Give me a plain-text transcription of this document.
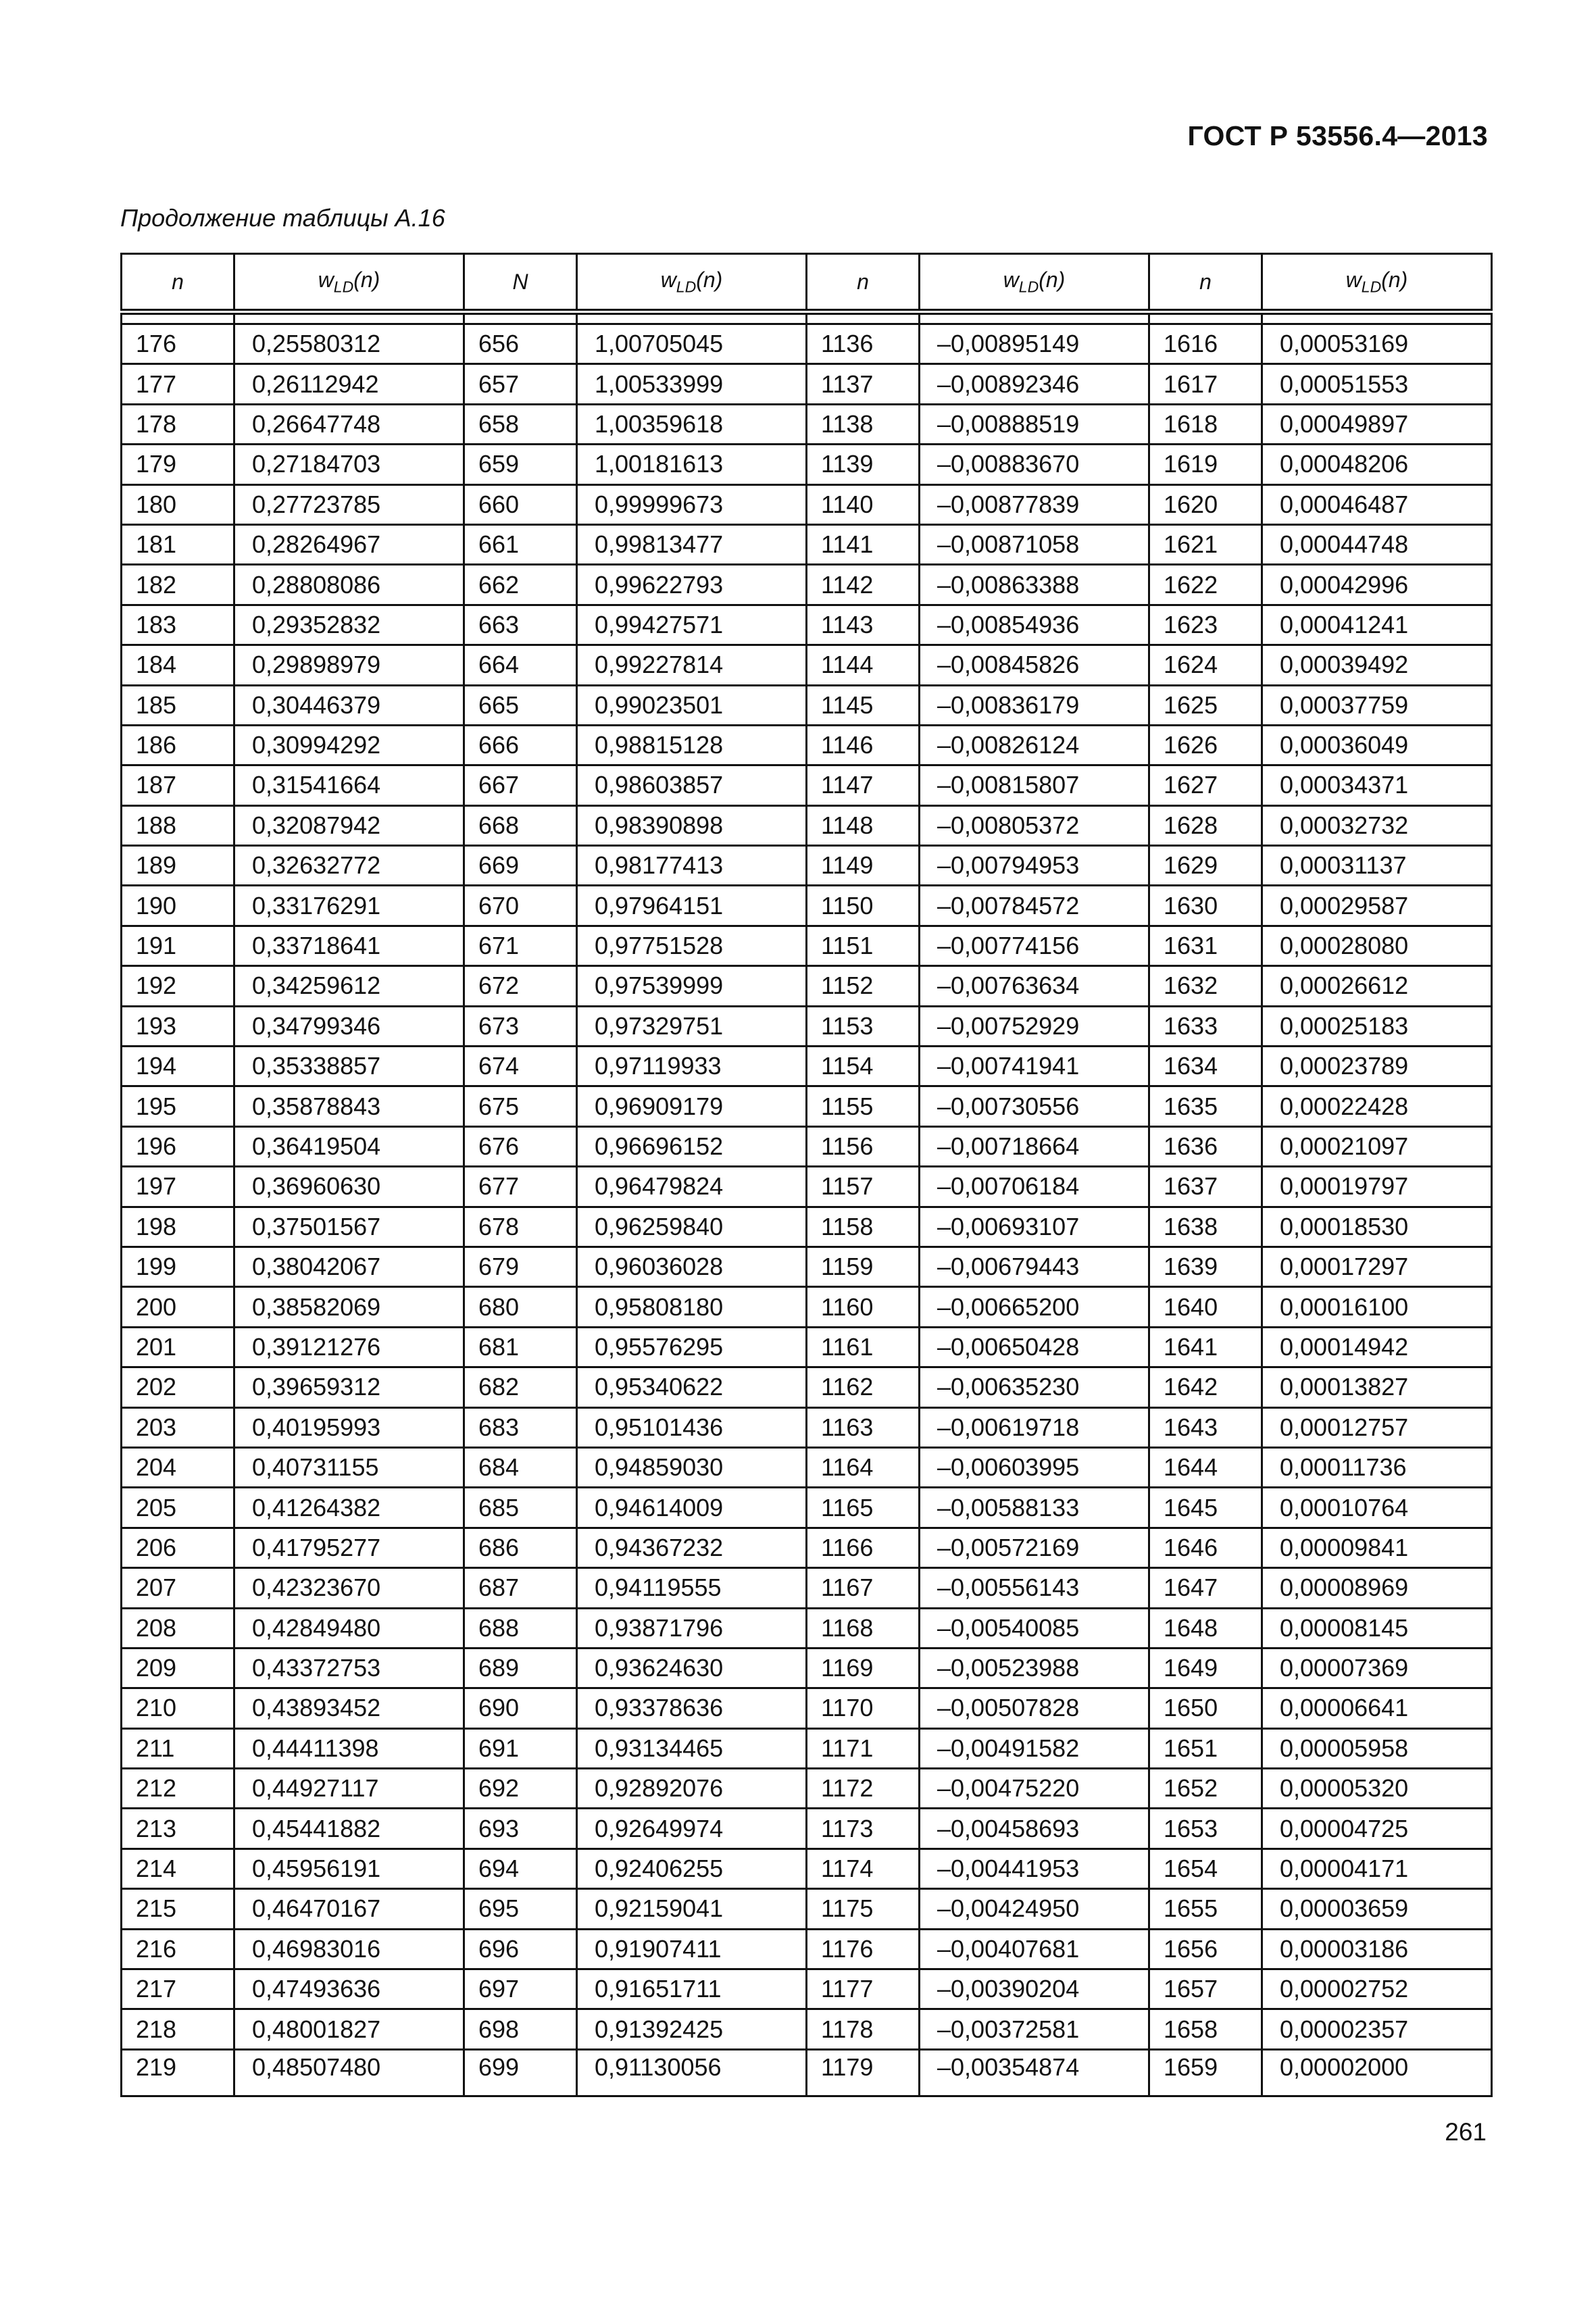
ГОСТ Р 53556.4—2013
Продолжение таблицы А.16
n	$w_{LD}(n)$	N	$w_{LD}(n)$	n	$w_{LD}(n)$	n	$w_{LD}(n)$

176	0,25580312	656	1,00705045	1136	–0,00895149	1616	0,00053169
177	0,26112942	657	1,00533999	1137	–0,00892346	1617	0,00051553
178	0,26647748	658	1,00359618	1138	–0,00888519	1618	0,00049897
179	0,27184703	659	1,00181613	1139	–0,00883670	1619	0,00048206
180	0,27723785	660	0,99999673	1140	–0,00877839	1620	0,00046487
181	0,28264967	661	0,99813477	1141	–0,00871058	1621	0,00044748
182	0,28808086	662	0,99622793	1142	–0,00863388	1622	0,00042996
183	0,29352832	663	0,99427571	1143	–0,00854936	1623	0,00041241
184	0,29898979	664	0,99227814	1144	–0,00845826	1624	0,00039492
185	0,30446379	665	0,99023501	1145	–0,00836179	1625	0,00037759
186	0,30994292	666	0,98815128	1146	–0,00826124	1626	0,00036049
187	0,31541664	667	0,98603857	1147	–0,00815807	1627	0,00034371
188	0,32087942	668	0,98390898	1148	–0,00805372	1628	0,00032732
189	0,32632772	669	0,98177413	1149	–0,00794953	1629	0,00031137
190	0,33176291	670	0,97964151	1150	–0,00784572	1630	0,00029587
191	0,33718641	671	0,97751528	1151	–0,00774156	1631	0,00028080
192	0,34259612	672	0,97539999	1152	–0,00763634	1632	0,00026612
193	0,34799346	673	0,97329751	1153	–0,00752929	1633	0,00025183
194	0,35338857	674	0,97119933	1154	–0,00741941	1634	0,00023789
195	0,35878843	675	0,96909179	1155	–0,00730556	1635	0,00022428
196	0,36419504	676	0,96696152	1156	–0,00718664	1636	0,00021097
197	0,36960630	677	0,96479824	1157	–0,00706184	1637	0,00019797
198	0,37501567	678	0,96259840	1158	–0,00693107	1638	0,00018530
199	0,38042067	679	0,96036028	1159	–0,00679443	1639	0,00017297
200	0,38582069	680	0,95808180	1160	–0,00665200	1640	0,00016100
201	0,39121276	681	0,95576295	1161	–0,00650428	1641	0,00014942
202	0,39659312	682	0,95340622	1162	–0,00635230	1642	0,00013827
203	0,40195993	683	0,95101436	1163	–0,00619718	1643	0,00012757
204	0,40731155	684	0,94859030	1164	–0,00603995	1644	0,00011736
205	0,41264382	685	0,94614009	1165	–0,00588133	1645	0,00010764
206	0,41795277	686	0,94367232	1166	–0,00572169	1646	0,00009841
207	0,42323670	687	0,94119555	1167	–0,00556143	1647	0,00008969
208	0,42849480	688	0,93871796	1168	–0,00540085	1648	0,00008145
209	0,43372753	689	0,93624630	1169	–0,00523988	1649	0,00007369
210	0,43893452	690	0,93378636	1170	–0,00507828	1650	0,00006641
211	0,44411398	691	0,93134465	1171	–0,00491582	1651	0,00005958
212	0,44927117	692	0,92892076	1172	–0,00475220	1652	0,00005320
213	0,45441882	693	0,92649974	1173	–0,00458693	1653	0,00004725
214	0,45956191	694	0,92406255	1174	–0,00441953	1654	0,00004171
215	0,46470167	695	0,92159041	1175	–0,00424950	1655	0,00003659
216	0,46983016	696	0,91907411	1176	–0,00407681	1656	0,00003186
217	0,47493636	697	0,91651711	1177	–0,00390204	1657	0,00002752
218	0,48001827	698	0,91392425	1178	–0,00372581	1658	0,00002357
219	0,48507480	699	0,91130056	1179	–0,00354874	1659	0,00002000
261
